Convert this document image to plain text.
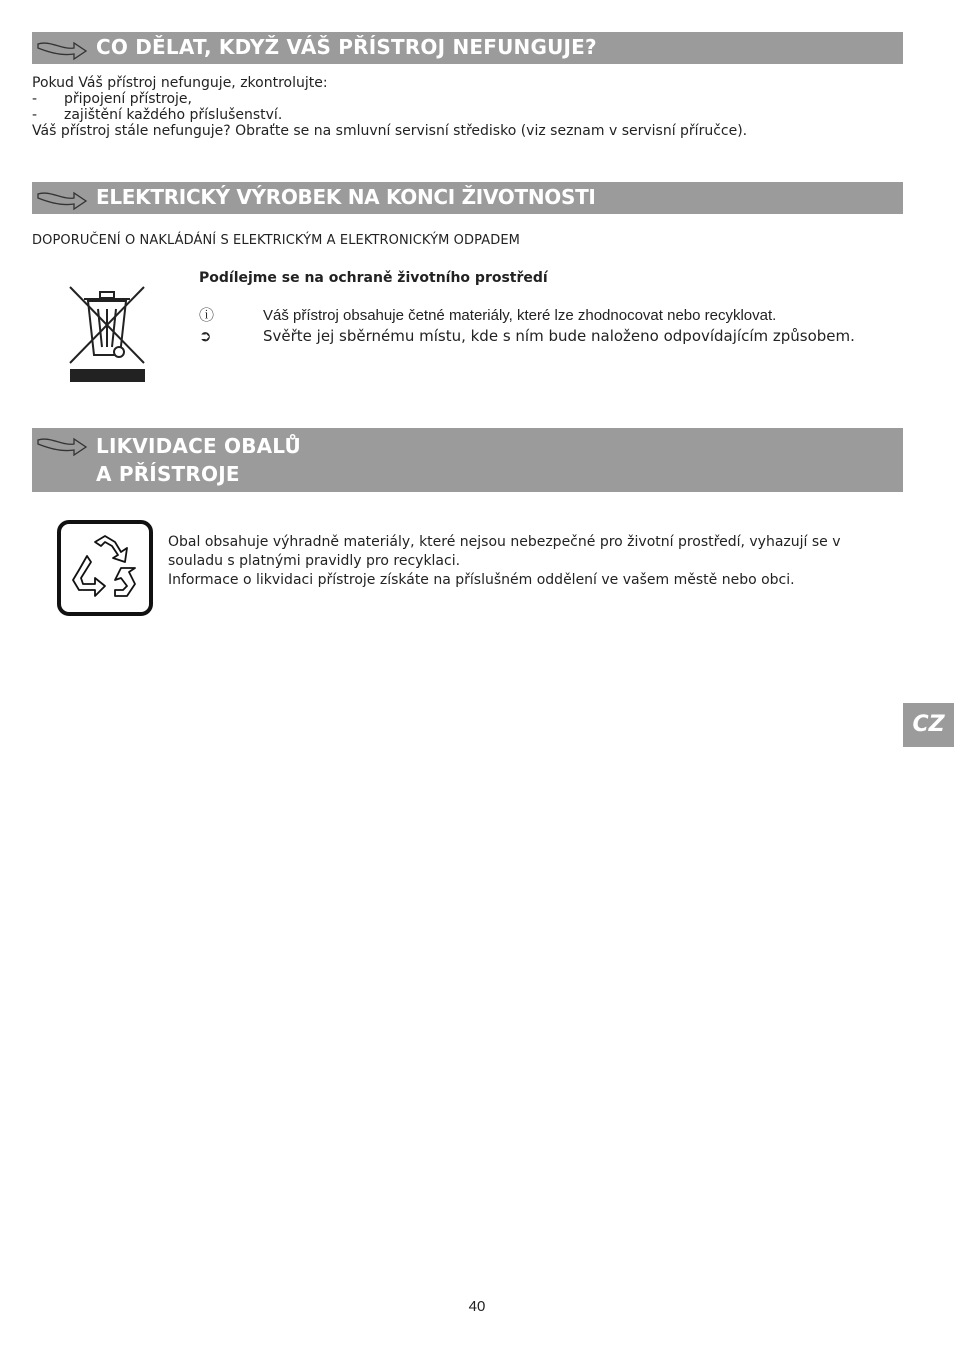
CO DĚLAT, KDYŽ VÁŠ PŘÍSTROJ NEFUNGUJE?
Pokud Váš přístroj nefunguje, zkontrolujte:
- připojení přístroje,
- zajištění každého příslušenství.
Váš přístroj stále nefunguje? Obraťte se na smluvní servisní středisko (viz seznam v servisní příručce).
ELEKTRICKÝ VÝROBEK NA KONCI ŽIVOTNOSTI
DOPORUČENÍ O NAKLÁDÁNÍ S ELEKTRICKÝM A ELEKTRONICKÝM ODPADEM
Podílejme se na ochraně životního prostředí
ⓘ	Váš přístroj obsahuje četné materiály, které lze zhodnocovat nebo recyklovat.
➲	Svěřte jej sběrnému místu, kde s ním bude naloženo odpovídajícím způsobem.
LIKVIDACE OBALŮ
A PŘÍSTROJE
Obal obsahuje výhradně materiály, které nejsou nebezpečné pro životní prostředí, vyhazují se v souladu s platnými pravidly pro recyklaci.
Informace o likvidaci přístroje získáte na příslušném oddělení ve vašem městě nebo obci.
CZ
40
